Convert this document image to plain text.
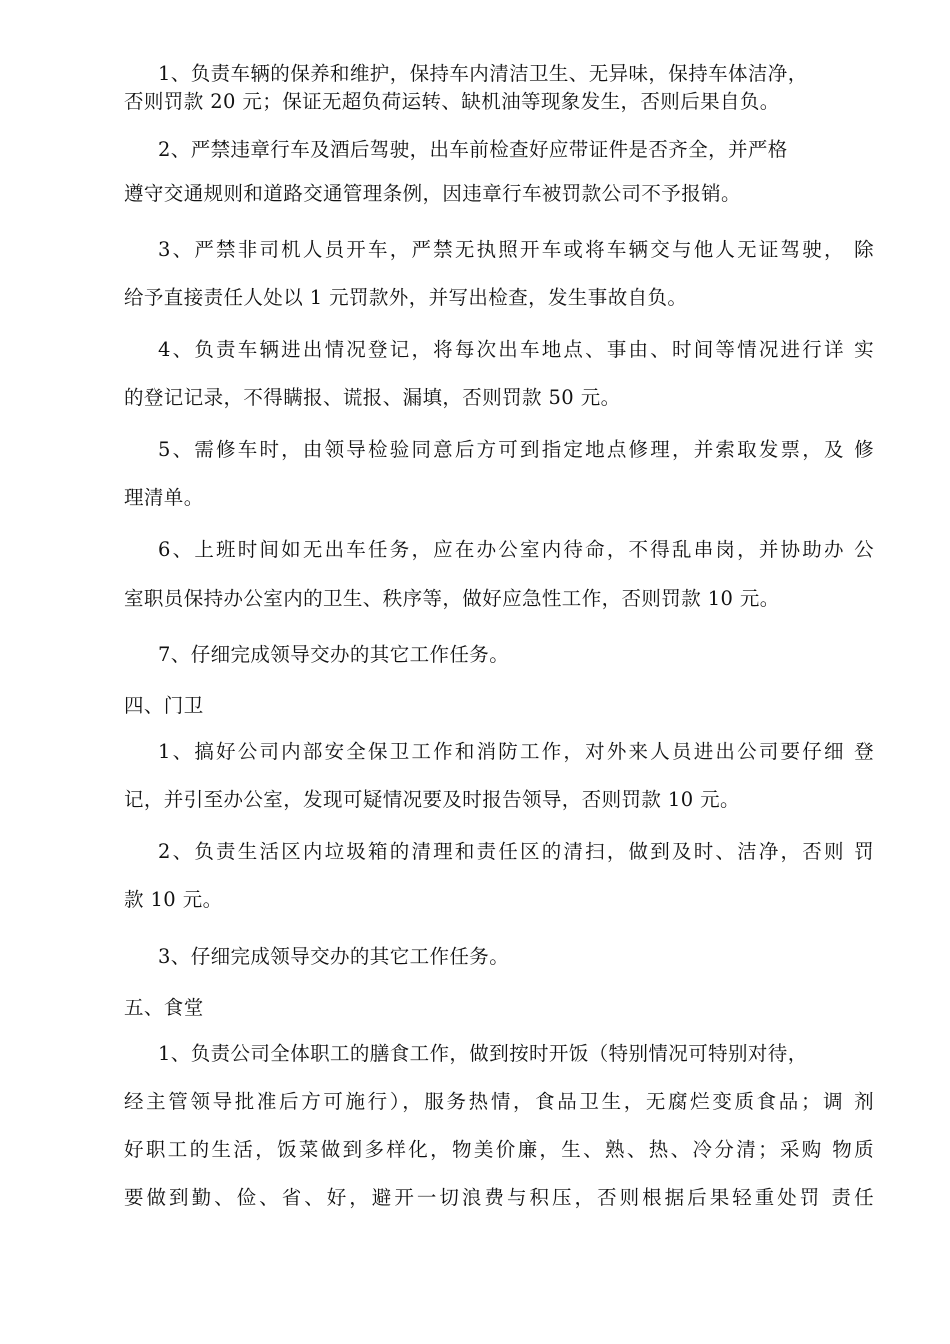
1、负责车辆的保养和维护，保持车内清洁卫生、无异味，保持车体洁净，
否则罚款 20 元；保证无超负荷运转、缺机油等现象发生，否则后果自负。
2、严禁违章行车及酒后驾驶，出车前检查好应带证件是否齐全，并严格
遵守交通规则和道路交通管理条例，因违章行车被罚款公司不予报销。
3、严禁非司机人员开车，严禁无执照开车或将车辆交与他人无证驾驶， 除
给予直接责任人处以 1 元罚款外，并写出检查，发生事故自负。
4、负责车辆进出情况登记，将每次出车地点、事由、时间等情况进行详 实
的登记记录，不得瞒报、谎报、漏填，否则罚款 50 元。
5、需修车时，由领导检验同意后方可到指定地点修理，并索取发票，及 修
理清单。
6、上班时间如无出车任务，应在办公室内待命，不得乱串岗，并协助办 公
室职员保持办公室内的卫生、秩序等，做好应急性工作，否则罚款 10 元。
7、仔细完成领导交办的其它工作任务。
四、门卫
1、搞好公司内部安全保卫工作和消防工作，对外来人员进出公司要仔细 登
记，并引至办公室，发现可疑情况要及时报告领导，否则罚款 10 元。
2、负责生活区内垃圾箱的清理和责任区的清扫，做到及时、洁净，否则 罚
款 10 元。
3、仔细完成领导交办的其它工作任务。
五、食堂
1、负责公司全体职工的膳食工作，做到按时开饭（特别情况可特别对待，
经主管领导批准后方可施行），服务热情，食品卫生，无腐烂变质食品；调 剂
好职工的生活，饭菜做到多样化，物美价廉，生、熟、热、冷分清；采购 物质
要做到勤、俭、省、好，避开一切浪费与积压，否则根据后果轻重处罚 责任
